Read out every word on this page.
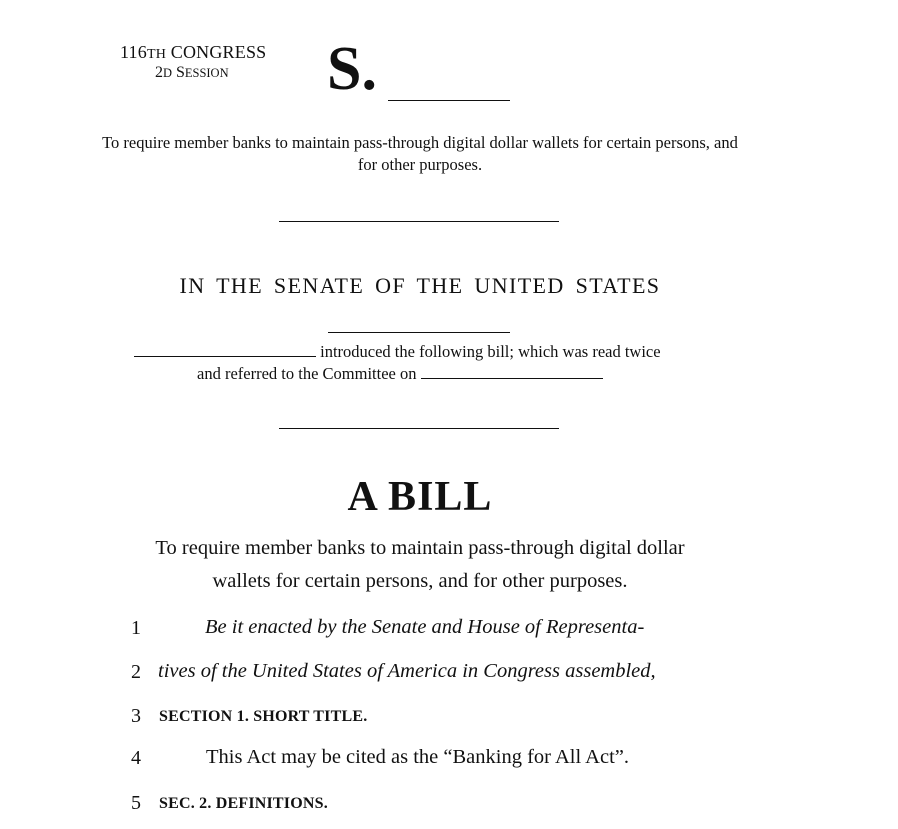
116TH CONGRESS
2D SESSION S.
To require member banks to maintain pass-through digital dollar wallets for certain persons, and for other purposes.
IN THE SENATE OF THE UNITED STATES
introduced the following bill; which was read twice
and referred to the Committee on
A BILL
To require member banks to maintain pass-through digital dollar wallets for certain persons, and for other purposes.
1	Be it enacted by the Senate and House of Representa-
2 tives of the United States of America in Congress assembled,
3	SECTION 1. SHORT TITLE.
4	This Act may be cited as the “Banking for All Act”.
5	SEC. 2. DEFINITIONS.
